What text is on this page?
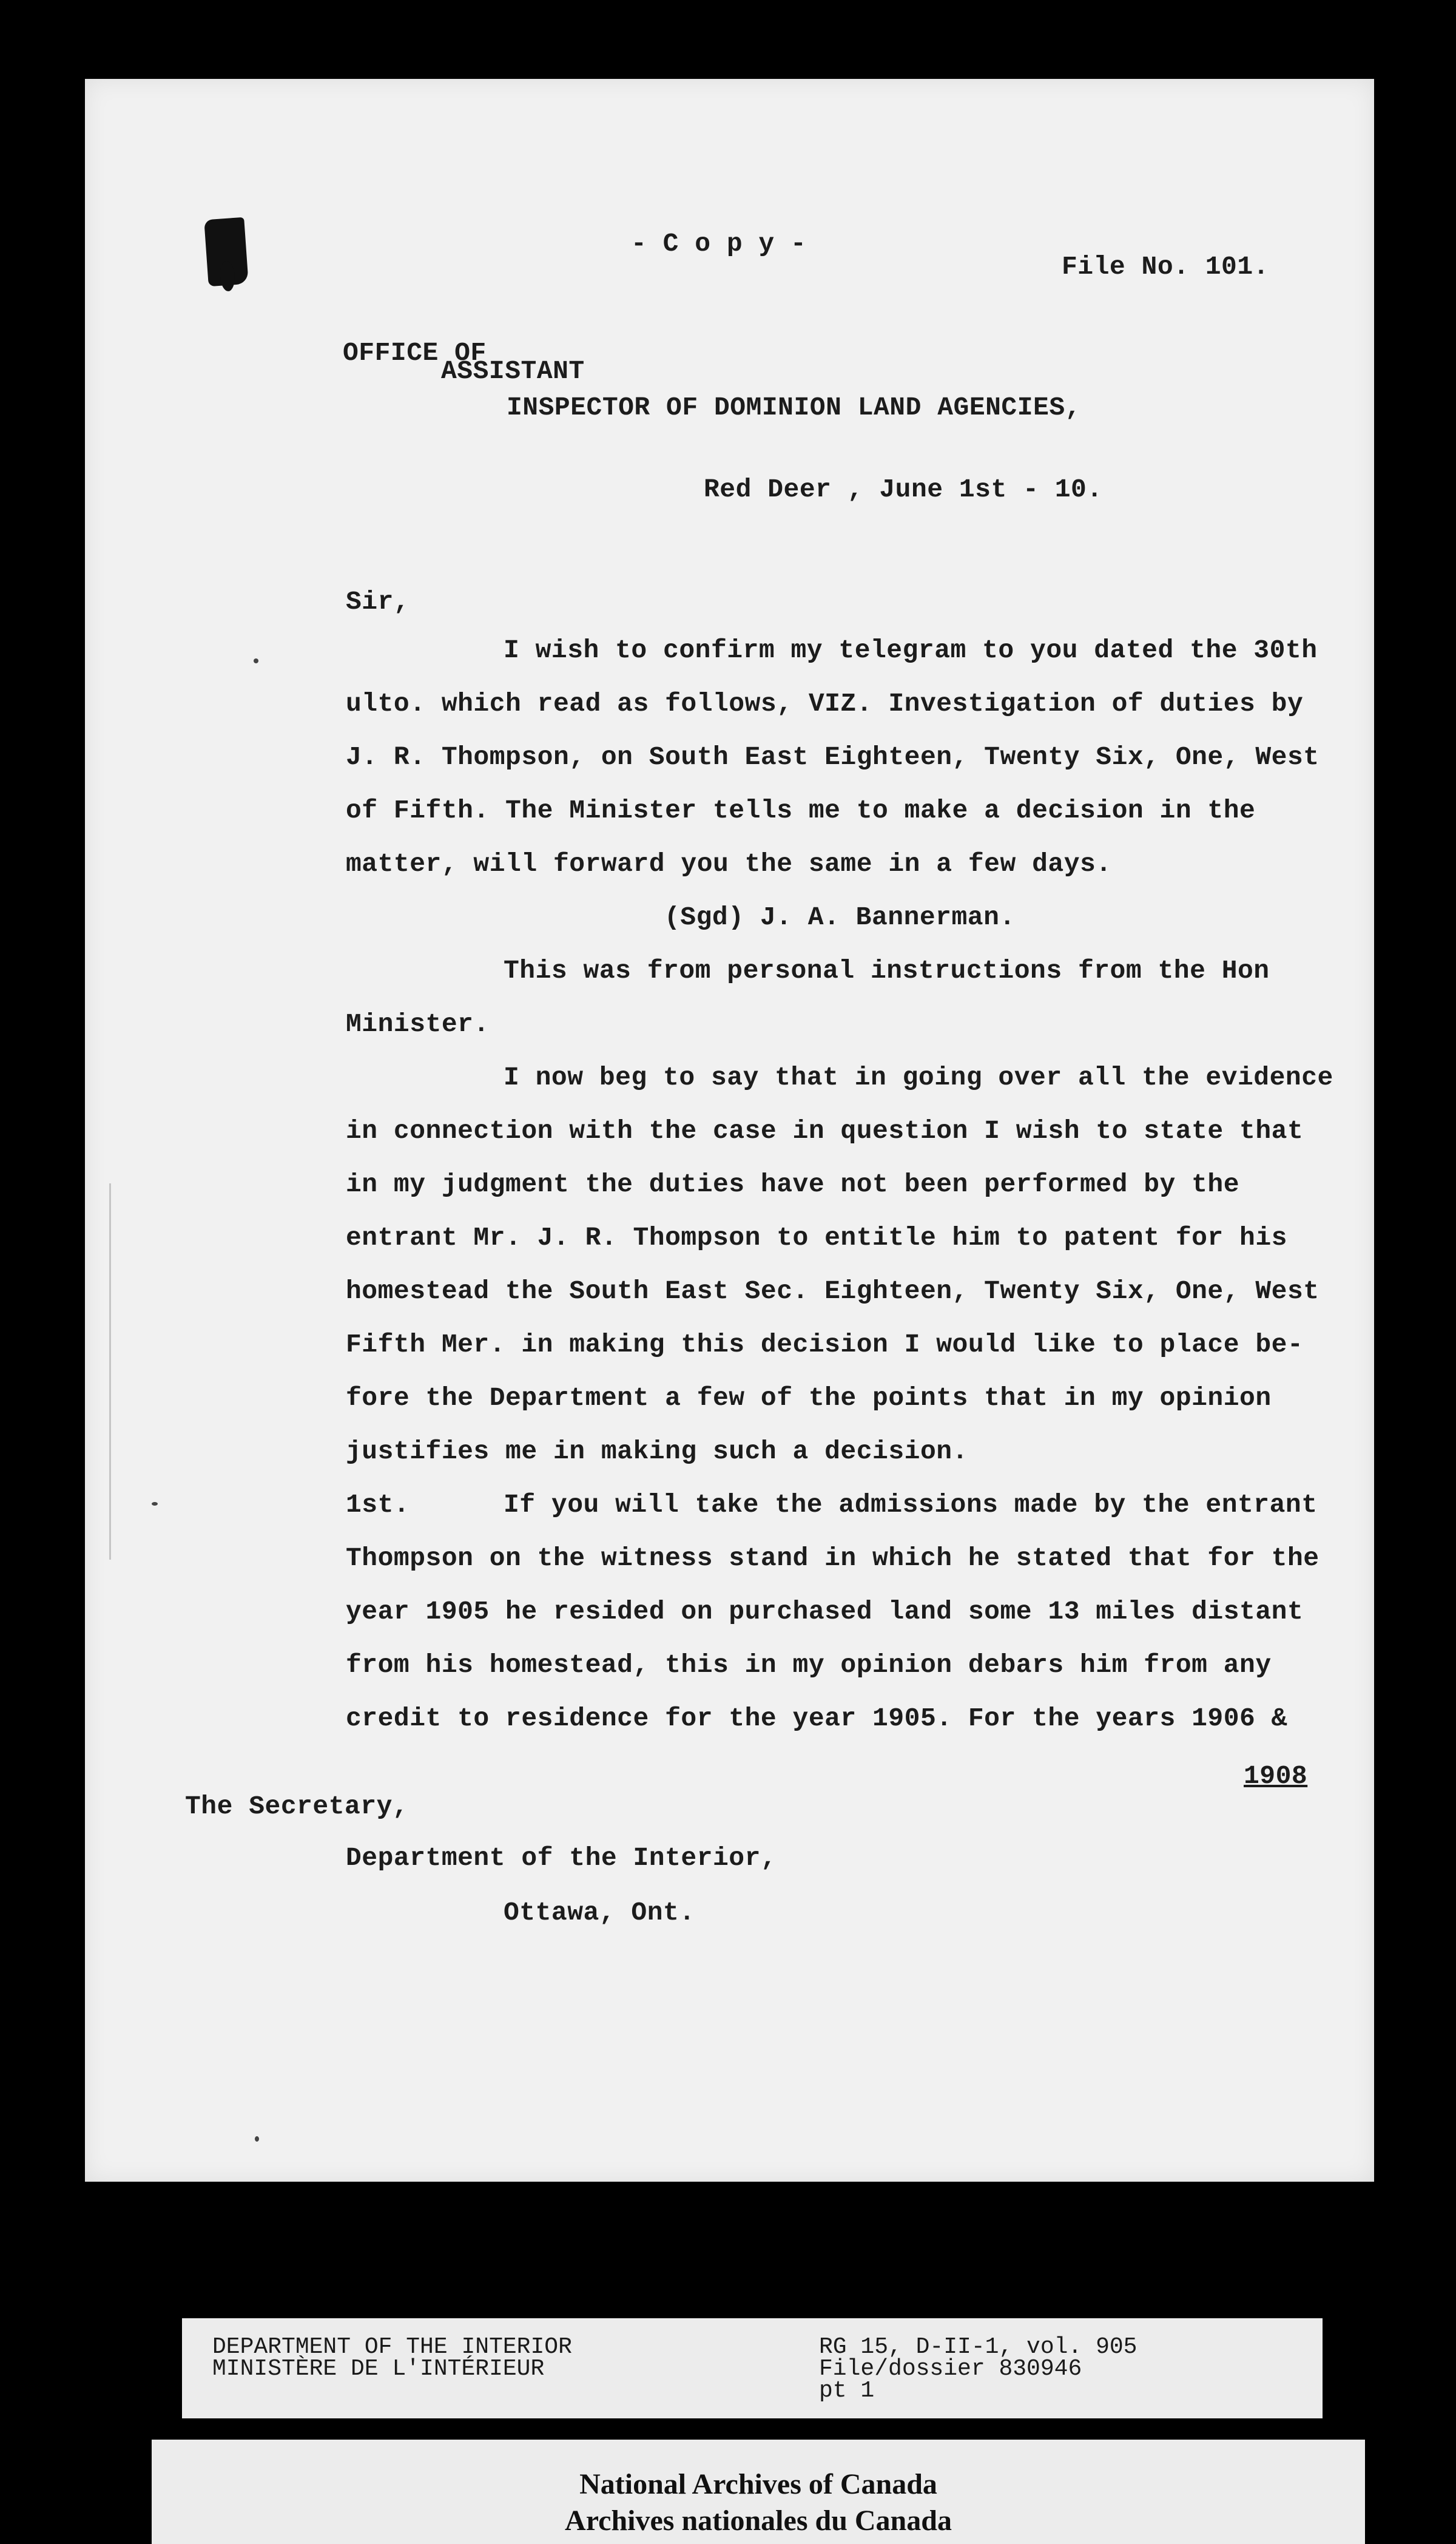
- C o p y -
File No. 101.
OFFICE OF
ASSISTANT
INSPECTOR OF DOMINION LAND AGENCIES,
Red Deer , June 1st - 10.
Sir,
I wish to confirm my telegram to you dated the 30th
ulto. which read as follows, VIZ. Investigation of duties by
J. R. Thompson, on South East Eighteen, Twenty Six, One, West
of Fifth. The Minister tells me to make a decision in the
matter, will forward you the same in a few days.
(Sgd) J. A. Bannerman.
This was from personal instructions from the Hon
Minister.
I now beg to say that in going over all the evidence
in connection with the case in question I wish to state that
in my judgment the duties have not been performed by the
entrant Mr. J. R. Thompson to entitle him to patent for his
homestead the South East Sec. Eighteen, Twenty Six, One, West
Fifth Mer. in making this decision I would like to place be-
fore the Department a few of the points that in my opinion
justifies me in making such a decision.
1st.	If you will take the admissions made by the entrant
Thompson on the witness stand in which he stated that for the
year 1905 he resided on purchased land some 13 miles distant
from his homestead, this in my opinion debars him from any
credit to residence for the year 1905. For the years 1906 &
1908
The Secretary,
Department of the Interior,
Ottawa, Ont.
DEPARTMENT OF THE INTERIOR
MINISTÈRE DE L'INTÉRIEUR
RG 15, D-II-1, vol. 905
File/dossier 830946
pt 1
National Archives of Canada
Archives nationales du Canada
